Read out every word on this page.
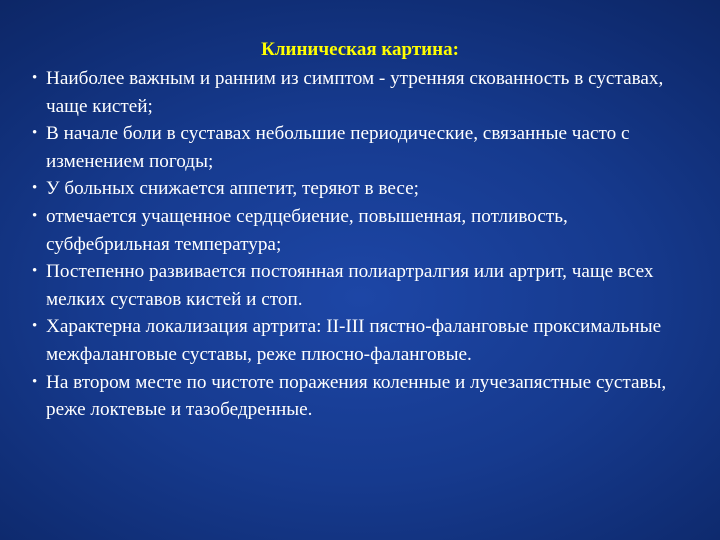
Клиническая картина:
• Наиболее важным и ранним из симптом - утренняя скованность в суставах, чаще кистей;
• В начале боли в суставах небольшие периодические, связанные часто с изменением погоды;
• У больных снижается аппетит, теряют в весе;
• отмечается учащенное сердцебиение, повышенная, потливость, субфебрильная температура;
• Постепенно развивается постоянная полиартралгия или артрит, чаще всех мелких суставов кистей и стоп.
• Характерна локализация артрита: II-III пястно-фаланговые проксимальные межфаланговые суставы, реже плюсно-фаланговые.
• На втором месте по чистоте поражения коленные и лучезапястные суставы, реже локтевые и тазобедренные.
